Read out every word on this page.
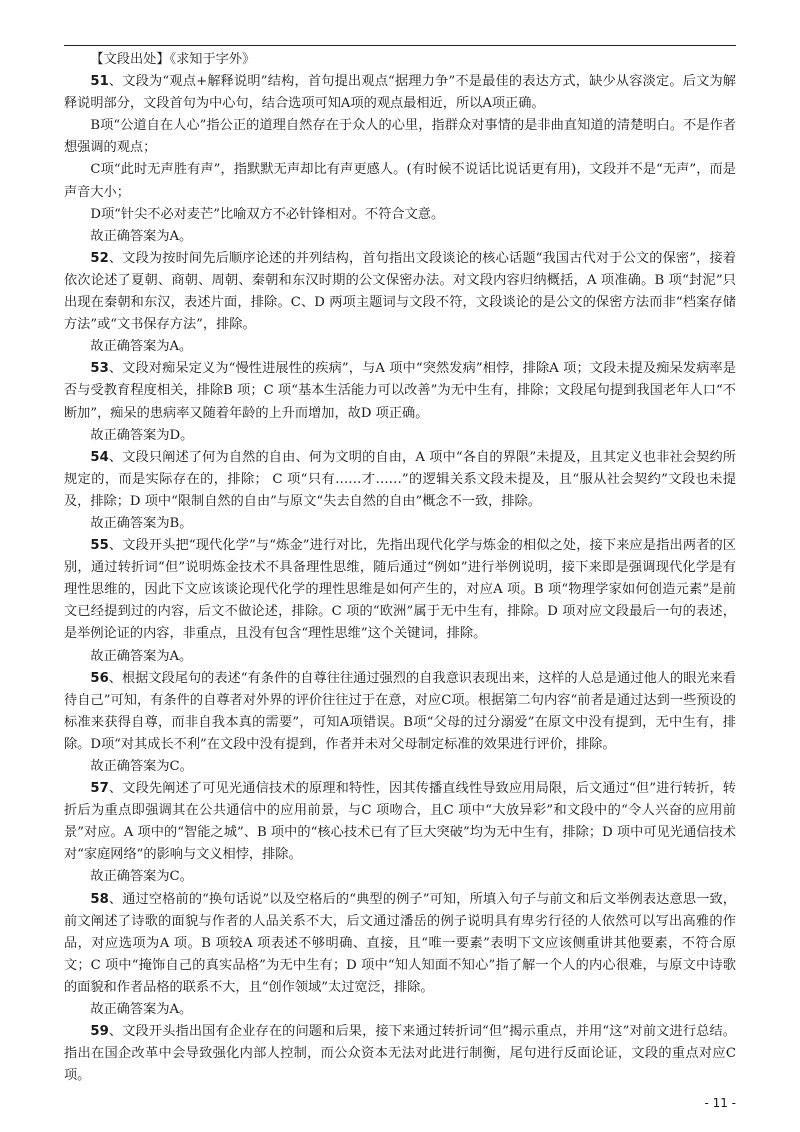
【文段出处】《求知于字外》

51、文段为“观点+解释说明”结构，首句提出观点“据理力争”不是最佳的表达方式，缺少从容淡定。后文为解释说明部分，文段首句为中心句，结合选项可知A项的观点最相近，所以A项正确。

B项“公道自在人心”指公正的道理自然存在于众人的心里，指群众对事情的是非曲直知道的清楚明白。不是作者想强调的观点；

C项“此时无声胜有声”，指默默无声却比有声更感人。(有时候不说话比说话更有用)，文段并不是“无声”，而是声音大小；

D项“针尖不必对麦芒”比喻双方不必针锋相对。不符合文意。

故正确答案为A。

52、文段为按时间先后顺序论述的并列结构，首句指出文段谈论的核心话题“我国古代对于公文的保密”，接着依次论述了夏朝、商朝、周朝、秦朝和东汉时期的公文保密办法。对文段内容归纳概括，A 项准确。B 项“封泥”只出现在秦朝和东汉，表述片面，排除。C、D 两项主题词与文段不符，文段谈论的是公文的保密方法而非“档案存储方法”或“文书保存方法”，排除。

故正确答案为A。

53、文段对痴呆定义为“慢性进展性的疾病”，与A 项中“突然发病”相悖，排除A 项；文段未提及痴呆发病率是否与受教育程度相关，排除B 项；C 项“基本生活能力可以改善”为无中生有，排除；文段尾句提到我国老年人口“不断加”，痴呆的患病率又随着年龄的上升而增加，故D 项正确。

故正确答案为D。

54、文段只阐述了何为自然的自由、何为文明的自由，A 项中“各自的界限”未提及，且其定义也非社会契约所规定的，而是实际存在的，排除； C 项“只有……才……”的逻辑关系文段未提及，且“服从社会契约”文段也未提及，排除；D 项中“限制自然的自由”与原文“失去自然的自由”概念不一致，排除。

故正确答案为B。

55、文段开头把“现代化学”与“炼金”进行对比，先指出现代化学与炼金的相似之处，接下来应是指出两者的区别，通过转折词“但”说明炼金技术不具备理性思维，随后通过“例如”进行举例说明，接下来即是强调现代化学是有理性思维的，因此下文应该谈论现代化学的理性思维是如何产生的，对应A 项。B 项“物理学家如何创造元素”是前文已经提到过的内容，后文不做论述，排除。C 项的“欧洲”属于无中生有，排除。D 项对应文段最后一句的表述，是举例论证的内容，非重点，且没有包含“理性思维”这个关键词，排除。

故正确答案为A。

56、根据文段尾句的表述“有条件的自尊往往通过强烈的自我意识表现出来，这样的人总是通过他人的眼光来看待自己”可知，有条件的自尊者对外界的评价往往过于在意，对应C项。根据第二句内容“前者是通过达到一些预设的标准来获得自尊，而非自我本真的需要”，可知A项错误。B项“父母的过分溺爱”在原文中没有提到，无中生有，排除。D项“对其成长不利”在文段中没有提到，作者并未对父母制定标准的效果进行评价，排除。

故正确答案为C。

57、文段先阐述了可见光通信技术的原理和特性，因其传播直线性导致应用局限，后文通过“但”进行转折，转折后为重点即强调其在公共通信中的应用前景，与C 项吻合，且C 项中“大放异彩”和文段中的“令人兴奋的应用前景”对应。A 项中的“智能之城”、B 项中的“核心技术已有了巨大突破”均为无中生有，排除；D 项中可见光通信技术对“家庭网络”的影响与文义相悖，排除。

故正确答案为C。

58、通过空格前的“换句话说”以及空格后的“典型的例子”可知，所填入句子与前文和后文举例表达意思一致，前文阐述了诗歌的面貌与作者的人品关系不大，后文通过潘岳的例子说明具有卑劣行径的人依然可以写出高雅的作品，对应选项为A 项。B 项较A 项表述不够明确、直接，且“唯一要素”表明下文应该侧重讲其他要素，不符合原文；C 项中“掩饰自己的真实品格”为无中生有；D 项中“知人知面不知心”指了解一个人的内心很难，与原文中诗歌的面貌和作者品格的联系不大，且“创作领域”太过宽泛，排除。

故正确答案为A。

59、文段开头指出国有企业存在的问题和后果，接下来通过转折词“但”揭示重点，并用“这”对前文进行总结。指出在国企改革中会导致强化内部人控制，而公众资本无法对此进行制衡，尾句进行反面论证，文段的重点对应C 项。

- 11 -
